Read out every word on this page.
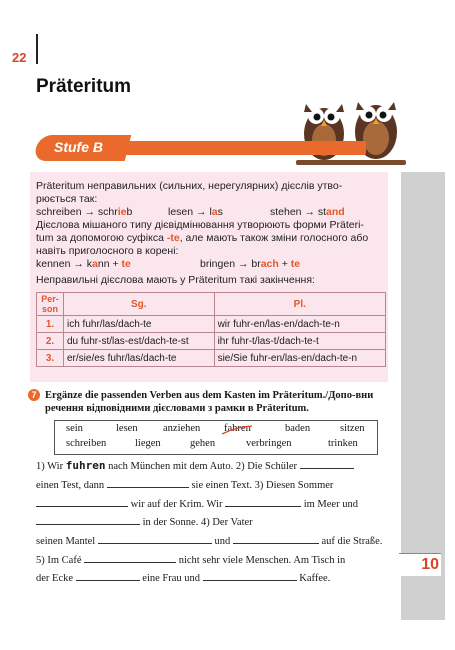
22
Präteritum
Stufe B
10
Präteritum неправильних (сильних, нерегулярних) дієслів утво-
рюється так:
schreiben → schrieb	lesen → las	stehen → stand
Дієслова мішаного типу дієвідмінювання утворюють форми Präteri-
tum за допомогою суфікса -te, але мають також зміни голосного або
навіть приголосного в корені:
kennen → kann + te	bringen → brach + te
Неправильні дієслова мають у Präteritum такі закінчення:
Per-
son	Sg.	Pl.
1.	ich fuhr/las/dach-te	wir fuhr-en/las-en/dach-te-n
2.	du fuhr-st/las-est/dach-te-st	ihr fuhr-t/las-t/dach-te-t
3.	er/sie/es fuhr/las/dach-te	sie/Sie fuhr-en/las-en/dach-te-n
7 Ergänze die passenden Verben aus dem Kasten im Präteritum./Допо-вни речення відповідними дієсловами з рамки в Präteritum.
sein	lesen anziehen fahren	baden	sitzen
schreiben	liegen	gehen	verbringen	trinken
1) Wir fuhren nach München mit dem Auto. 2) Die Schüler
einen Test, dann	sie einen Text. 3) Diesen Sommer
wir auf der Krim. Wir	im Meer und
in der Sonne. 4) Der Vater
seinen Mantel	und	auf die Straße.
5) Im Café	nicht sehr viele Menschen. Am Tisch in
der Ecke	eine Frau und	Kaffee.
